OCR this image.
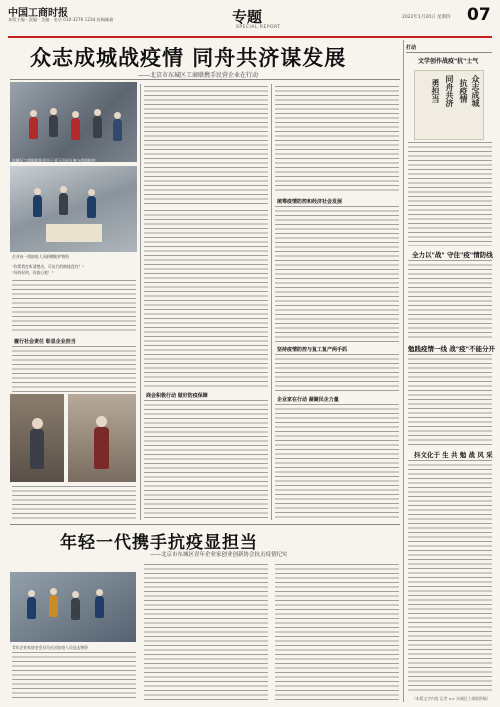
中国工商时报
本版主编 · 责编 · 美编 · 电话 010-3276 1234 投稿邮箱	专题
SPECIAL REPORT
2022年1月20日 星期四 07
众志成城战疫情 同舟共济谋发展
——北京市东城区工商联携手民营企业在行动
东城区工商联组织党员干部下沉社区参与疫情防控
企业向一线防疫人员捐赠防护物资
"你帮我打听清楚出，可出行的路线没有？"
"好的好的，你放心吧！"
履行社会责任 彰显企业担当
商会积极行动 做好防疫保障
统筹疫情防控和经济社会发展
坚持疫情防控与复工复产两手抓
企业家在行动 凝聚民企力量
年轻一代携手抗疫显担当
——北京市东城区青年企业家创业创新协会抗击疫情纪实
青年企业家协会会员为社区防疫人员送去物资
打动
文学创作战疫"抗"士气
众志成城
抗疫情
同舟共济
勇担当
全力以"战" 守住"疫"情防线
勉践疫情一线 战"疫"不能分开
抖文化于 生 共 勉 战 风 采
（本版文字内容 记者 ×× 东城区工商联供稿）
